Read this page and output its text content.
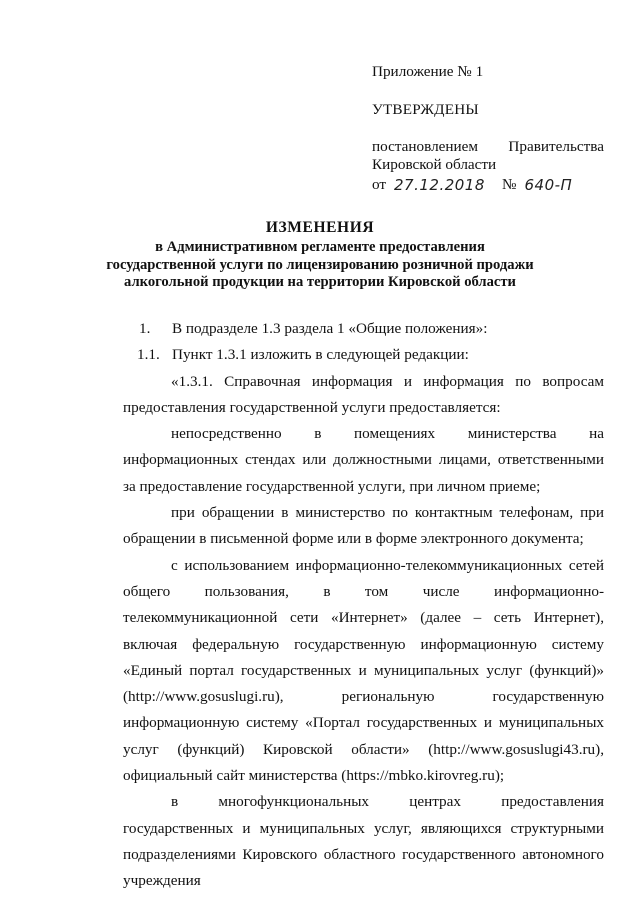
Приложение № 1
УТВЕРЖДЕНЫ
постановлением Правительства
Кировской области
от 27.12.2018	№ 640-П
ИЗМЕНЕНИЯ
в Административном регламенте предоставления
государственной услуги по лицензированию розничной продажи
алкогольной продукции на территории Кировской области
1.	В подразделе 1.3 раздела 1 «Общие положения»:
1.1. Пункт 1.3.1 изложить в следующей редакции:

«1.3.1. Справочная информация и информация по вопросам предоставления государственной услуги предоставляется:

непосредственно в помещениях министерства на информационных стендах или должностными лицами, ответственными за предоставление государственной услуги, при личном приеме;

при обращении в министерство по контактным телефонам, при обращении в письменной форме или в форме электронного документа;

с использованием информационно-телекоммуникационных сетей общего пользования, в том числе информационно-телекоммуникационной сети «Интернет» (далее – сеть Интернет), включая федеральную государственную информационную систему «Единый портал государственных и муниципальных услуг (функций)» (http://www.gosuslugi.ru), региональную государственную информационную систему «Портал государственных и муниципальных услуг (функций) Кировской области» (http://www.gosuslugi43.ru), официальный сайт министерства (https://mbko.kirovreg.ru);

в многофункциональных центрах предоставления государственных и муниципальных услуг, являющихся структурными подразделениями Кировского областного государственного автономного учреждения
